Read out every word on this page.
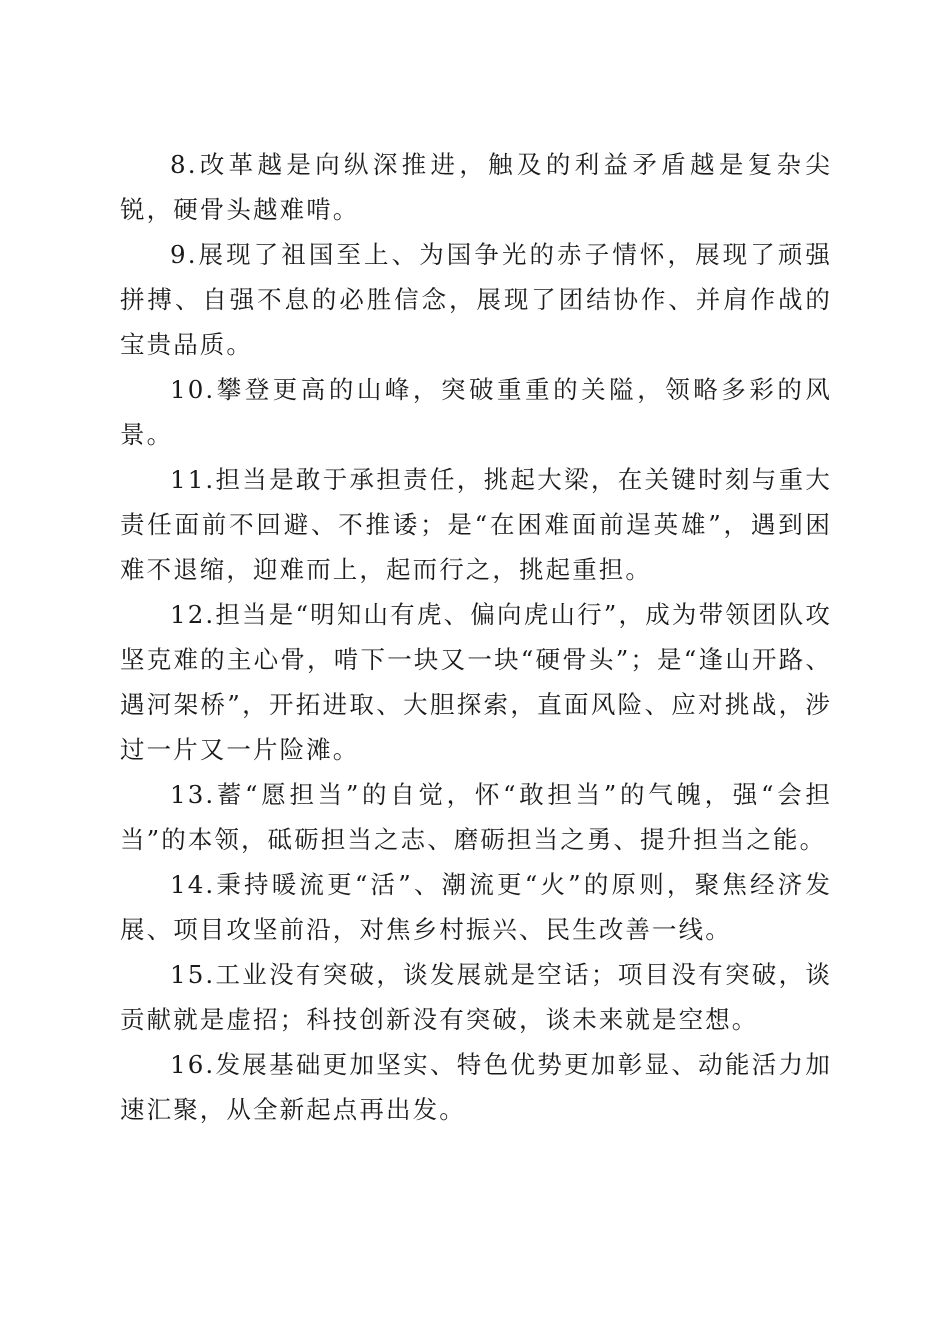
8.改革越是向纵深推进，触及的利益矛盾越是复杂尖锐，硬骨头越难啃。

9.展现了祖国至上、为国争光的赤子情怀，展现了顽强拼搏、自强不息的必胜信念，展现了团结协作、并肩作战的宝贵品质。

10.攀登更高的山峰，突破重重的关隘，领略多彩的风景。

11.担当是敢于承担责任，挑起大梁，在关键时刻与重大责任面前不回避、不推诿；是“在困难面前逞英雄”，遇到困难不退缩，迎难而上，起而行之，挑起重担。

12.担当是“明知山有虎、偏向虎山行”，成为带领团队攻坚克难的主心骨，啃下一块又一块“硬骨头”；是“逢山开路、遇河架桥”，开拓进取、大胆探索，直面风险、应对挑战，涉过一片又一片险滩。

13.蓄“愿担当”的自觉，怀“敢担当”的气魄，强“会担当”的本领，砥砺担当之志、磨砺担当之勇、提升担当之能。

14.秉持暖流更“活”、潮流更“火”的原则，聚焦经济发展、项目攻坚前沿，对焦乡村振兴、民生改善一线。

15.工业没有突破，谈发展就是空话；项目没有突破，谈贡献就是虚招；科技创新没有突破，谈未来就是空想。

16.发展基础更加坚实、特色优势更加彰显、动能活力加速汇聚，从全新起点再出发。
